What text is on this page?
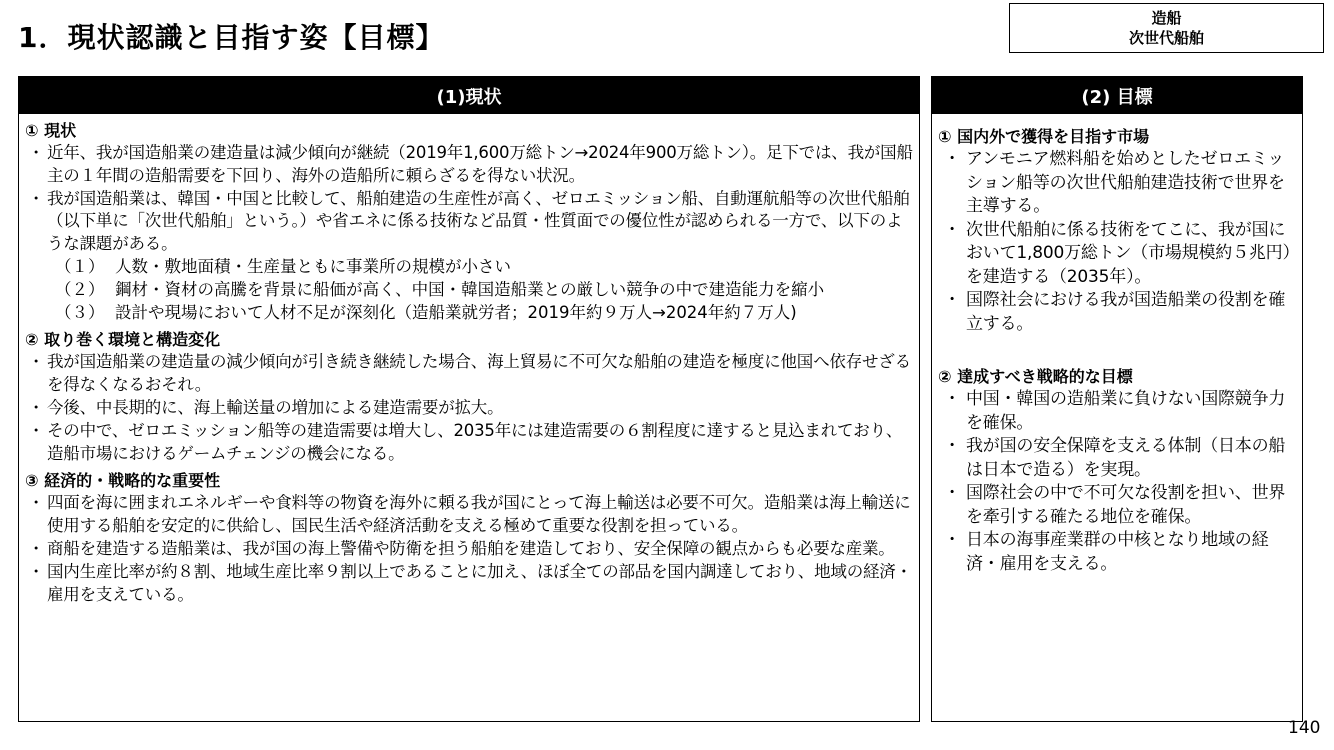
1．現状認識と目指す姿【目標】
造船
次世代船舶
(1)現状
① 現状
・ 近年、我が国造船業の建造量は減少傾向が継続（2019年1,600万総トン→2024年900万総トン）。足下では、我が国船主の１年間の造船需要を下回り、海外の造船所に頼らざるを得ない状況。
・ 我が国造船業は、韓国・中国と比較して、船舶建造の生産性が高く、ゼロエミッション船、自動運航船等の次世代船舶（以下単に「次世代船舶」という。）や省エネに係る技術など品質・性質面での優位性が認められる一方で、以下のような課題がある。
（１） 人数・敷地面積・生産量ともに事業所の規模が小さい
（２） 鋼材・資材の高騰を背景に船価が高く、中国・韓国造船業との厳しい競争の中で建造能力を縮小
（３） 設計や現場において人材不足が深刻化（造船業就労者；2019年約９万人→2024年約７万人)
② 取り巻く環境と構造変化
・ 我が国造船業の建造量の減少傾向が引き続き継続した場合、海上貿易に不可欠な船舶の建造を極度に他国へ依存せざるを得なくなるおそれ。
・ 今後、中長期的に、海上輸送量の増加による建造需要が拡大。
・ その中で、ゼロエミッション船等の建造需要は増大し、2035年には建造需要の６割程度に達すると見込まれており、造船市場におけるゲームチェンジの機会になる。
③ 経済的・戦略的な重要性
・ 四面を海に囲まれエネルギーや食料等の物資を海外に頼る我が国にとって海上輸送は必要不可欠。造船業は海上輸送に使用する船舶を安定的に供給し、国民生活や経済活動を支える極めて重要な役割を担っている。
・ 商船を建造する造船業は、我が国の海上警備や防衛を担う船舶を建造しており、安全保障の観点からも必要な産業。
・ 国内生産比率が約８割、地域生産比率９割以上であることに加え、ほぼ全ての部品を国内調達しており、地域の経済・雇用を支えている。
(2) 目標
① 国内外で獲得を目指す市場
・ アンモニア燃料船を始めとしたゼロエミッション船等の次世代船舶建造技術で世界を主導する。
・ 次世代船舶に係る技術をてこに、我が国において1,800万総トン（市場規模約５兆円）を建造する（2035年）。
・ 国際社会における我が国造船業の役割を確立する。
② 達成すべき戦略的な目標
・ 中国・韓国の造船業に負けない国際競争力を確保。
・ 我が国の安全保障を支える体制（日本の船は日本で造る）を実現。
・ 国際社会の中で不可欠な役割を担い、世界を牽引する確たる地位を確保。
・ 日本の海事産業群の中核となり地域の経済・雇用を支える。
140
